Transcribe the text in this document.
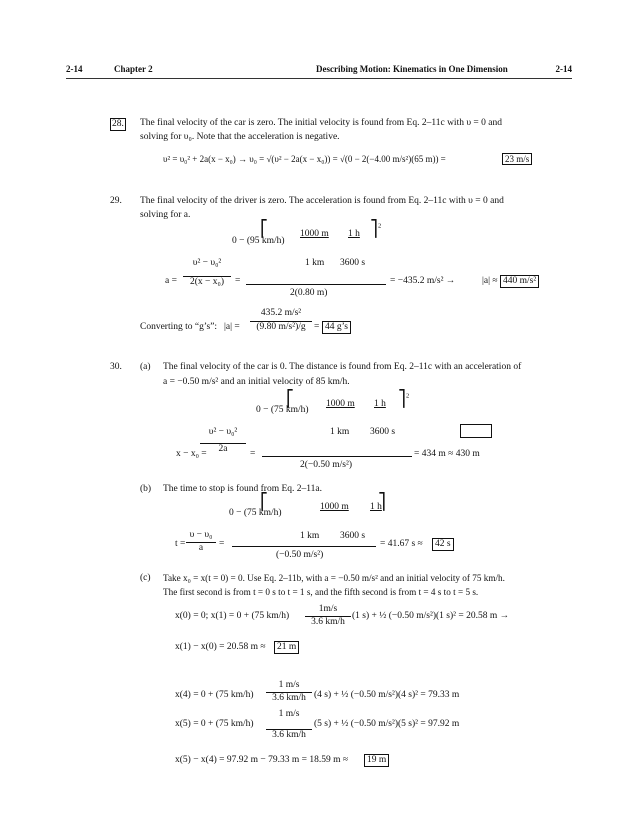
2-14	Chapter 2	Describing Motion: Kinematics in One Dimension	2-14
28. The final velocity of the car is zero. The initial velocity is found from Eq. 2–11c with υ = 0 and
solving for υ₀. Note that the acceleration is negative.
υ² = υ₀² + 2a(x − x₀) → υ₀ = √(υ² − 2a(x − x₀)) = √(0 − 2(−4.00 m/s²)(65 m)) =	23 m/s
29. The final velocity of the driver is zero. The acceleration is found from Eq. 2–11c with υ = 0 and
solving for a.
$a = \frac{\text{υ² − υ₀²}}{\text{2(x − x₀)}}$ =
0 − (95 km/h)
⎡	1000 m
1 km
1 h
3600 s
⎤$^2$
2(0.80 m)
= −435.2 m/s² →	|a| ≈ 440 m/s²
Converting to “g’s”: $|a| = \frac{\text{435.2 m/s²}}{\text{(9.80 m/s²)/g}} = 44$ g’s
30. (a) The final velocity of the car is 0. The distance is found from Eq. 2–11c with an acceleration of
a = −0.50 m/s² and an initial velocity of 85 km/h.
0 − (75 km/h)
⎡	1000 m
1 km
1 h
3600 s
⎤$^2$
$\frac{\text{υ² − υ₀²}}{2a}$
x − x₀ =	=
2(−0.50 m/s²)
= 434 m ≈ 430 m
(b) The time to stop is found from Eq. 2–11a.
0 − (75 km/h)
⎡	1000 m
1 km
1 h
3600 s
⎤
$t = \frac{\text{υ − υ₀}}{a}$ =
(−0.50 m/s²)
= 41.67 s ≈	42 s
(c) Take x₀ = x(t = 0) = 0. Use Eq. 2–11b, with a = −0.50 m/s² and an initial velocity of 75 km/h.
The first second is from t = 0 s to t = 1 s, and the fifth second is from t = 4 s to t = 5 s.
x(0) = 0; x(1) = 0 + (75 $km/h) \frac{1m/s}{3.6 km/h} (1$ s) + ½ (−0.50 m/s²)(1 s)² = 20.58 m →
x(1) − x(0) = 20.58 m ≈	21 m
x(4) = 0 + (75 $km/h) \frac{1 m/s}{3.6 km/h} (4$ s) + ½ (−0.50 m/s²)(4 s)² = 79.33 m
x(5) = 0 + (75 $km/h) \frac{1 m/s}{3.6 km/h} (5$ s) + ½ (−0.50 m/s²)(5 s)² = 97.92 m
x(5) − x(4) = 97.92 m − 79.33 m = 18.59 m ≈	19 m
